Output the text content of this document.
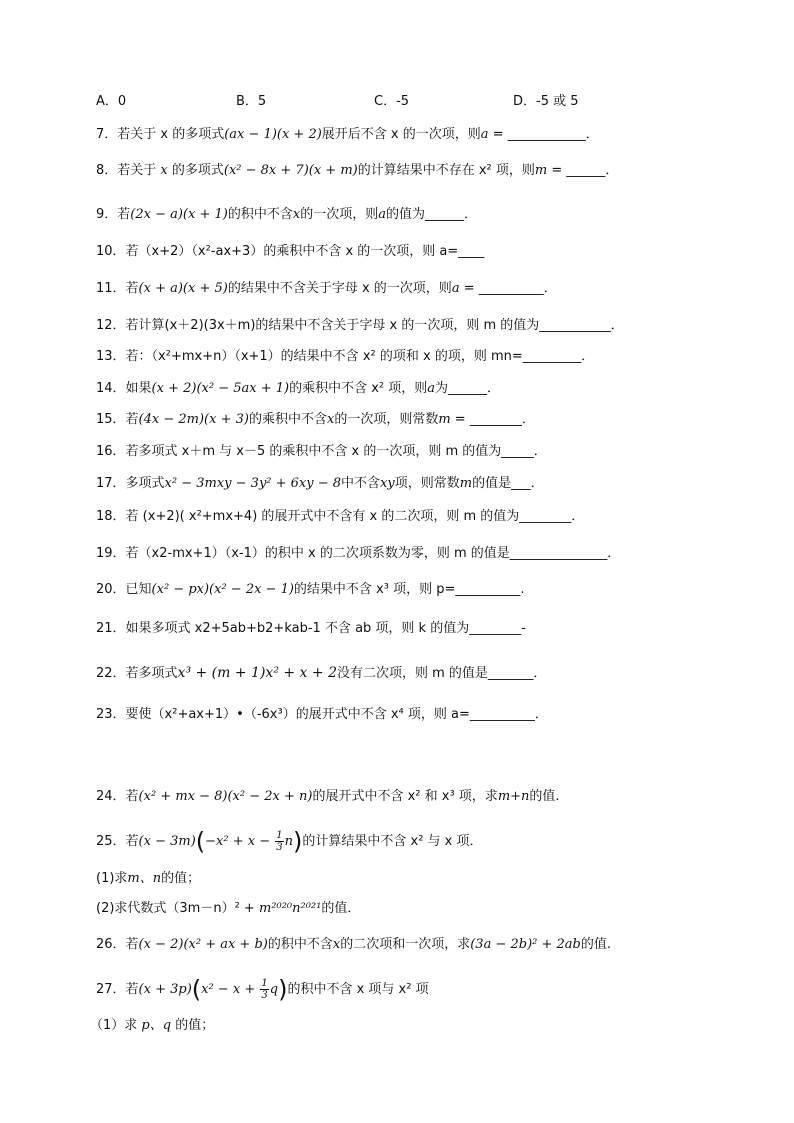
A．0	B．5	C．-5	D．-5 或 5
7．若关于 x 的多项式(ax − 1)(x + 2)展开后不含 x 的一次项，则a = ____________．
8．若关于 x 的多项式(x² − 8x + 7)(x + m)的计算结果中不存在 x² 项，则m = ______．
9．若(2x − a)(x + 1)的积中不含x的一次项，则a的值为______．
10．若（x+2）（x²-ax+3）的乘积中不含 x 的一次项，则 a=____
11．若(x + a)(x + 5)的结果中不含关于字母 x 的一次项，则a = __________．
12．若计算(x＋2)(3x＋m)的结果中不含关于字母 x 的一次项，则 m 的值为___________．
13．若：（x²+mx+n）（x+1）的结果中不含 x² 的项和 x 的项，则 mn=_________．
14．如果(x + 2)(x² − 5ax + 1)的乘积中不含 x² 项，则a为______．
15．若(4x − 2m)(x + 3)的乘积中不含x的一次项，则常数m = ________．
16．若多项式 x＋m 与 x－5 的乘积中不含 x 的一次项，则 m 的值为_____．
17．多项式x² − 3mxy − 3y² + 6xy − 8中不含xy项，则常数m的值是___．
18．若 (x+2)( x²+mx+4) 的展开式中不含有 x 的二次项，则 m 的值为________．
19．若（x2-mx+1）（x-1）的积中 x 的二次项系数为零，则 m 的值是_______________．
20．已知(x² − px)(x² − 2x − 1)的结果中不含 x³ 项，则 p=__________.
21．如果多项式 x2+5ab+b2+kab-1 不含 ab 项，则 k 的值为________-
22．若多项式x³ + (m + 1)x² + x + 2没有二次项，则 m 的值是_______．
23．要使（x²+ax+1）•（-6x³）的展开式中不含 x⁴ 项，则 a=__________．
24．若(x² + mx − 8)(x² − 2x + n)的展开式中不含 x² 和 x³ 项，求m+n的值.
25．若$(x - 3m)(-x^2 + x - \frac{1}{3} n)$的计算结果中不含 x² 与 x 项．
(1)求m、n的值；
(2)求代数式（3m－n）² + m²⁰²⁰n²⁰²¹的值．
26．若(x − 2)(x² + ax + b)的积中不含x的二次项和一次项，求(3a − 2b)² + 2ab的值.
27．若$(x + 3p)(x^2 - x + \frac{1}{3} q)$的积中不含 x 项与 x² 项
（1）求 p、q 的值；
